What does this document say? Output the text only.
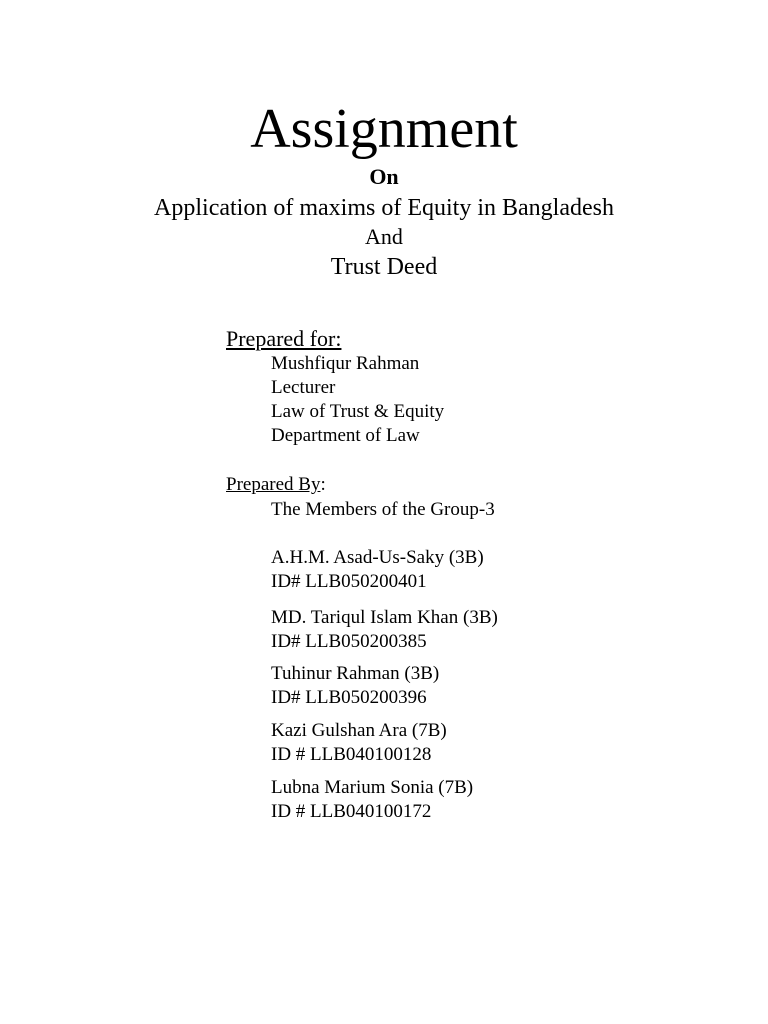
Assignment
On
Application of maxims of Equity in Bangladesh
And
Trust Deed
Prepared for:
Mushfiqur Rahman
Lecturer
Law of Trust & Equity
Department of Law
Prepared By:
The Members of the Group-3
A.H.M. Asad-Us-Saky (3B)
ID# LLB050200401
MD. Tariqul Islam Khan (3B)
ID# LLB050200385
Tuhinur Rahman (3B)
ID# LLB050200396
Kazi Gulshan Ara (7B)
ID # LLB040100128
Lubna Marium Sonia (7B)
ID # LLB040100172
